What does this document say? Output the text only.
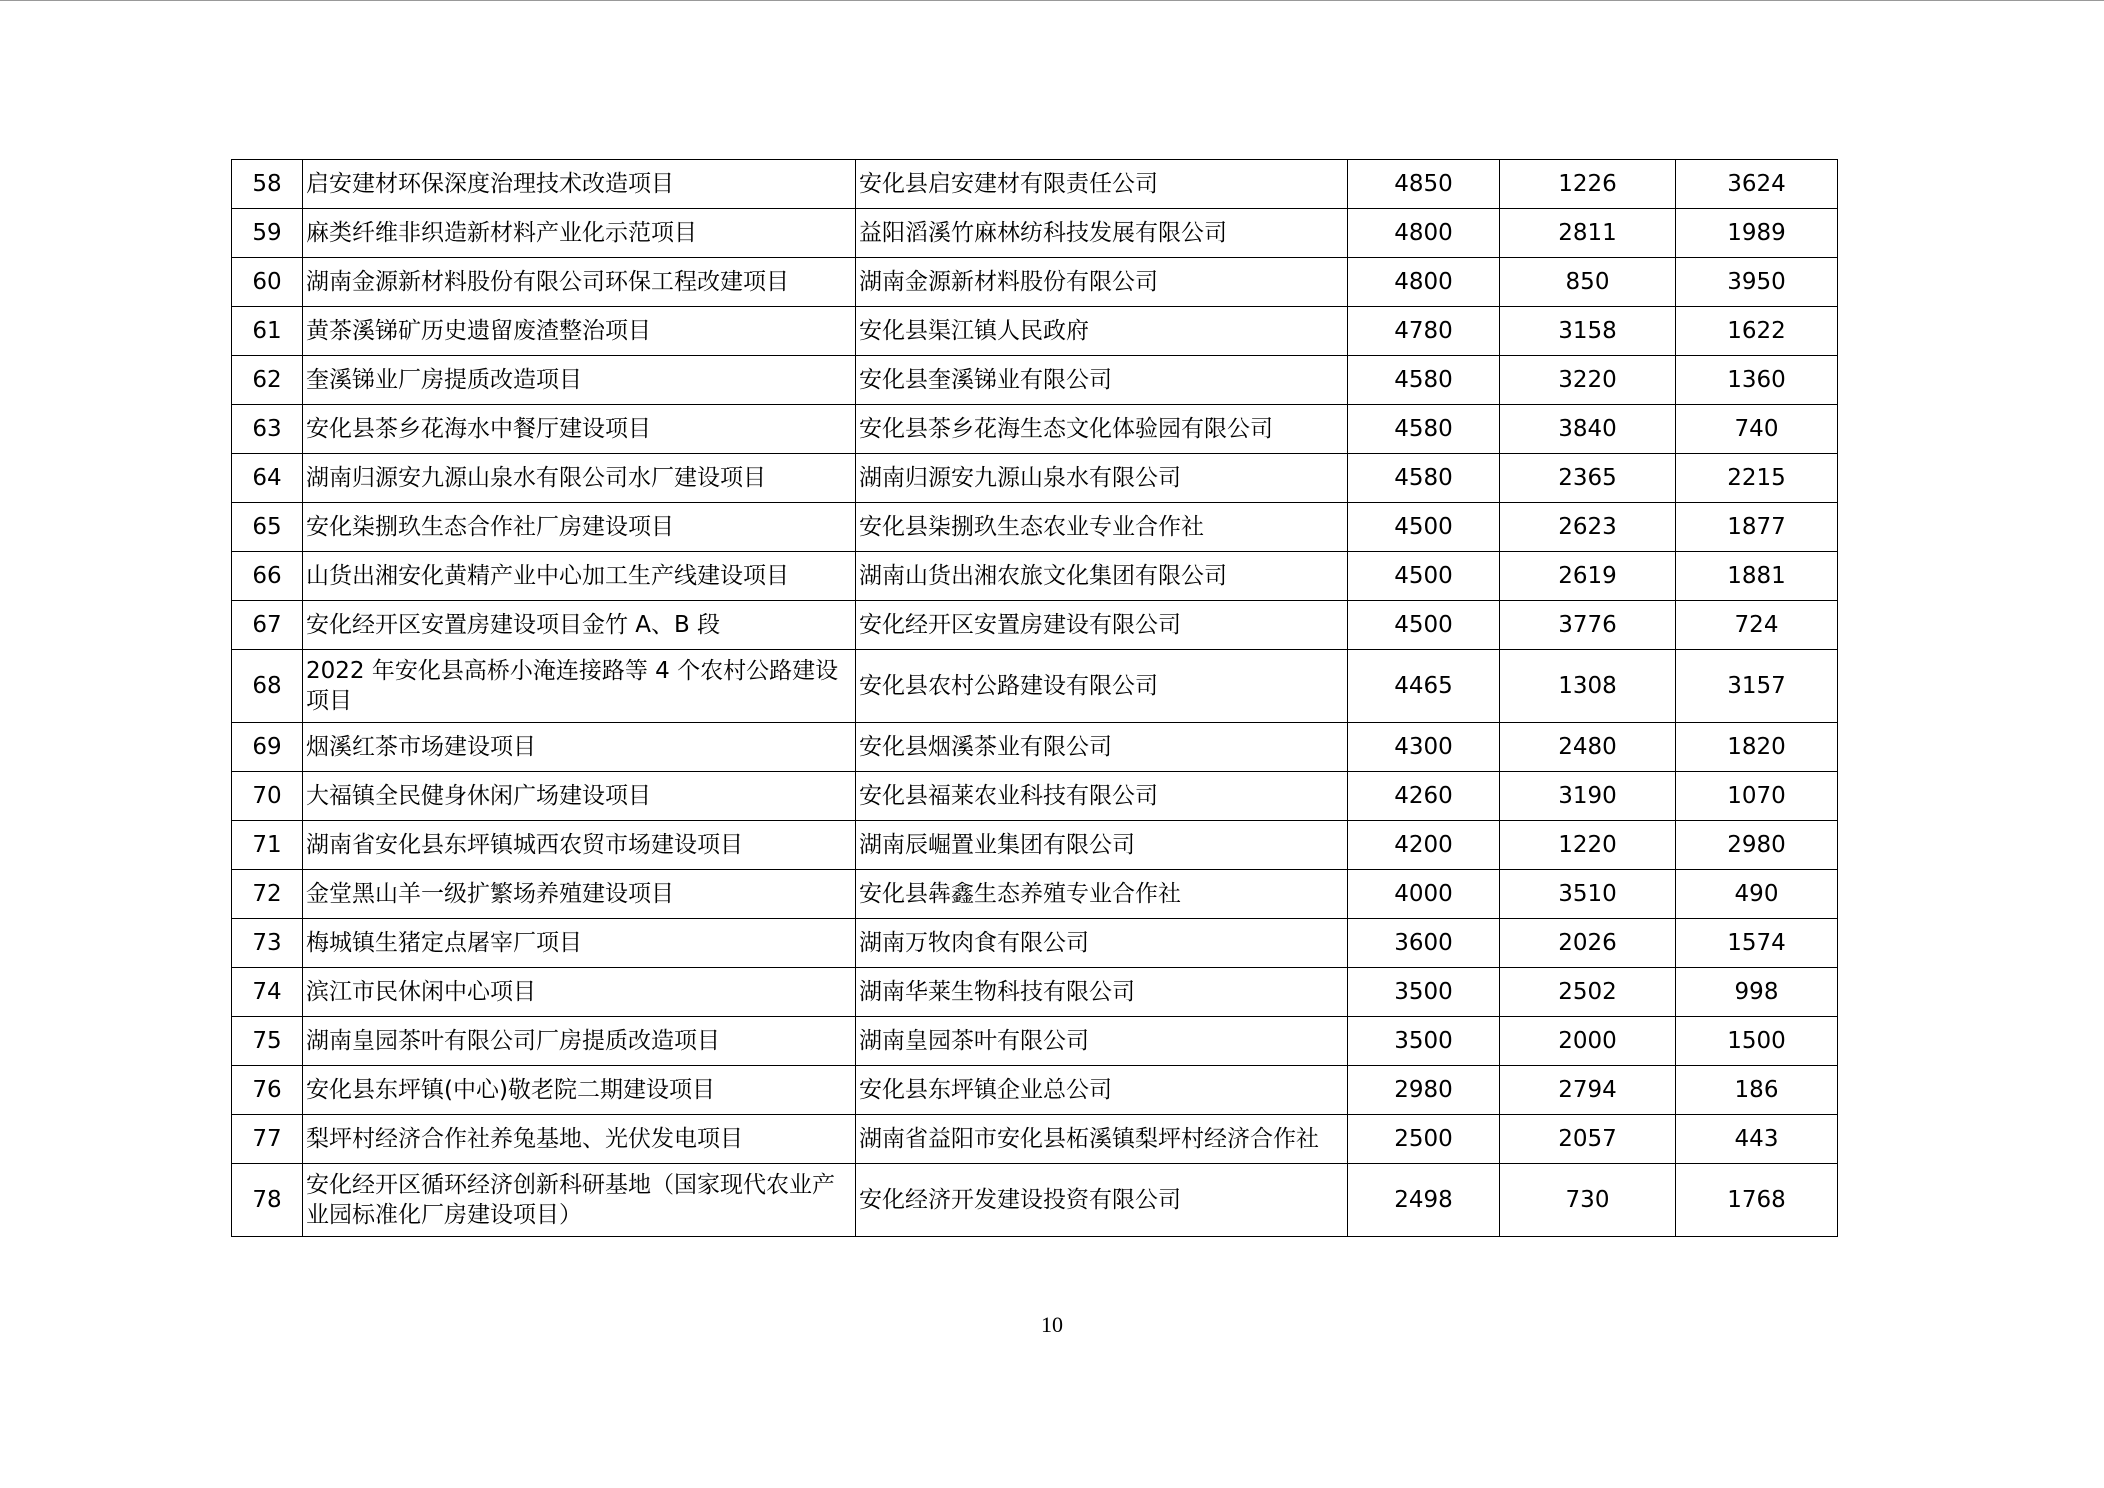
58	启安建材环保深度治理技术改造项目	安化县启安建材有限责任公司	4850	1226	3624
59	麻类纤维非织造新材料产业化示范项目	益阳滔溪竹麻林纺科技发展有限公司	4800	2811	1989
60	湖南金源新材料股份有限公司环保工程改建项目	湖南金源新材料股份有限公司	4800	850	3950
61	黄茶溪锑矿历史遗留废渣整治项目	安化县渠江镇人民政府	4780	3158	1622
62	奎溪锑业厂房提质改造项目	安化县奎溪锑业有限公司	4580	3220	1360
63	安化县茶乡花海水中餐厅建设项目	安化县茶乡花海生态文化体验园有限公司	4580	3840	740
64	湖南归源安九源山泉水有限公司水厂建设项目	湖南归源安九源山泉水有限公司	4580	2365	2215
65	安化柒捌玖生态合作社厂房建设项目	安化县柒捌玖生态农业专业合作社	4500	2623	1877
66	山货出湘安化黄精产业中心加工生产线建设项目	湖南山货出湘农旅文化集团有限公司	4500	2619	1881
67	安化经开区安置房建设项目金竹 A、B 段	安化经开区安置房建设有限公司	4500	3776	724
68	2022 年安化县高桥小淹连接路等 4 个农村公路建设项目	安化县农村公路建设有限公司	4465	1308	3157
69	烟溪红茶市场建设项目	安化县烟溪茶业有限公司	4300	2480	1820
70	大福镇全民健身休闲广场建设项目	安化县福莱农业科技有限公司	4260	3190	1070
71	湖南省安化县东坪镇城西农贸市场建设项目	湖南辰崛置业集团有限公司	4200	1220	2980
72	金堂黑山羊一级扩繁场养殖建设项目	安化县犇鑫生态养殖专业合作社	4000	3510	490
73	梅城镇生猪定点屠宰厂项目	湖南万牧肉食有限公司	3600	2026	1574
74	滨江市民休闲中心项目	湖南华莱生物科技有限公司	3500	2502	998
75	湖南皇园茶叶有限公司厂房提质改造项目	湖南皇园茶叶有限公司	3500	2000	1500
76	安化县东坪镇(中心)敬老院二期建设项目	安化县东坪镇企业总公司	2980	2794	186
77	梨坪村经济合作社养兔基地、光伏发电项目	湖南省益阳市安化县柘溪镇梨坪村经济合作社	2500	2057	443
78	安化经开区循环经济创新科研基地（国家现代农业产业园标准化厂房建设项目）	安化经济开发建设投资有限公司	2498	730	1768
10
